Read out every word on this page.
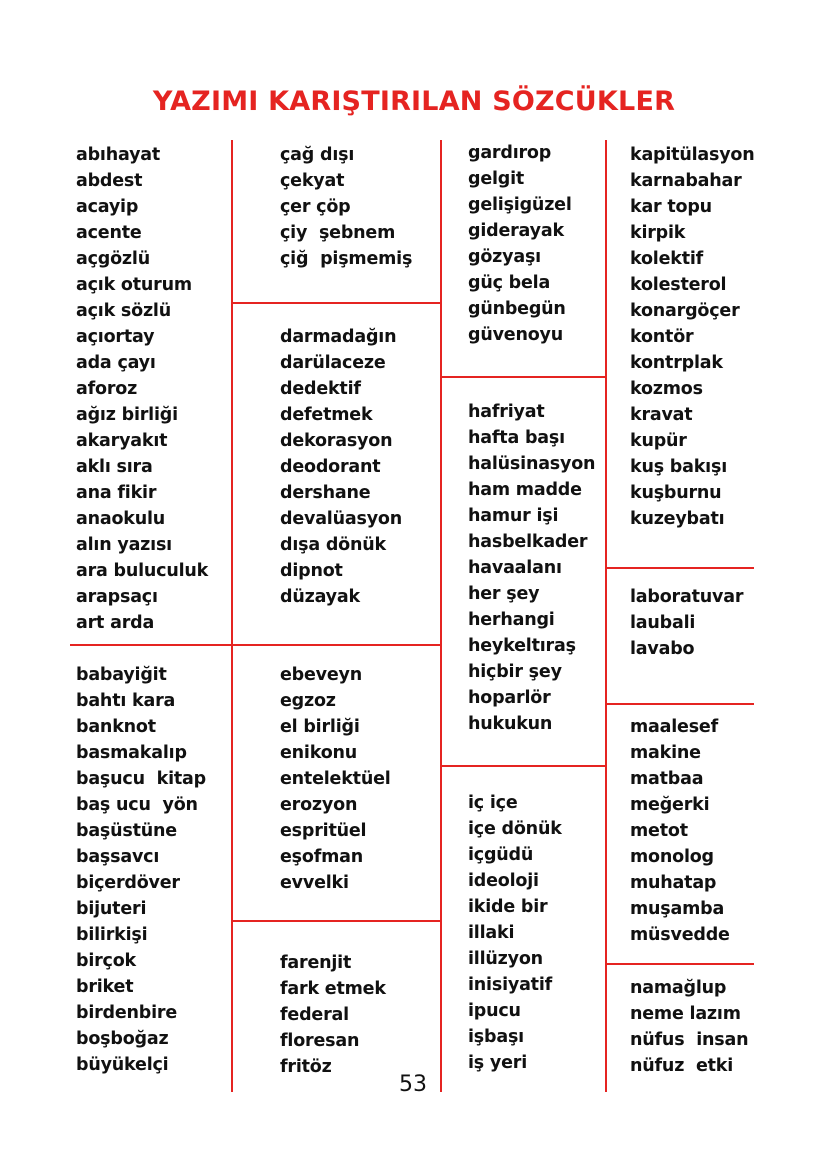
YAZIMI KARIŞTIRILAN SÖZCÜKLER
abıhayat
abdest
acayip
acente
açgözlü
açık oturum
açık sözlü
açıortay
ada çayı
aforoz
ağız birliği
akaryakıt
aklı sıra
ana fikir
anaokulu
alın yazısı
ara buluculuk
arapsaçı
art arda
babayiğit
bahtı kara
banknot
basmakalıp
başucu  kitap
baş ucu  yön
başüstüne
başsavcı
biçerdöver
bijuteri
bilirkişi
birçok
briket
birdenbire
boşboğaz
büyükelçi
çağ dışı
çekyat
çer çöp
çiy  şebnem
çiğ  pişmemiş
darmadağın
darülaceze
dedektif
defetmek
dekorasyon
deodorant
dershane
devalüasyon
dışa dönük
dipnot
düzayak
ebeveyn
egzoz
el birliği
enikonu
entelektüel
erozyon
espritüel
eşofman
evvelki
farenjit
fark etmek
federal
floresan
fritöz
gardırop
gelgit
gelişigüzel
giderayak
gözyaşı
güç bela
günbegün
güvenoyu
hafriyat
hafta başı
halüsinasyon
ham madde
hamur işi
hasbelkader
havaalanı
her şey
herhangi
heykeltıraş
hiçbir şey
hoparlör
hukukun
iç içe
içe dönük
içgüdü
ideoloji
ikide bir
illaki
illüzyon
inisiyatif
ipucu
işbaşı
iş yeri
kapitülasyon
karnabahar
kar topu
kirpik
kolektif
kolesterol
konargöçer
kontör
kontrplak
kozmos
kravat
kupür
kuş bakışı
kuşburnu
kuzeybatı
laboratuvar
laubali
lavabo
maalesef
makine
matbaa
meğerki
metot
monolog
muhatap
muşamba
müsvedde
namağlup
neme lazım
nüfus  insan
nüfuz  etki
53
